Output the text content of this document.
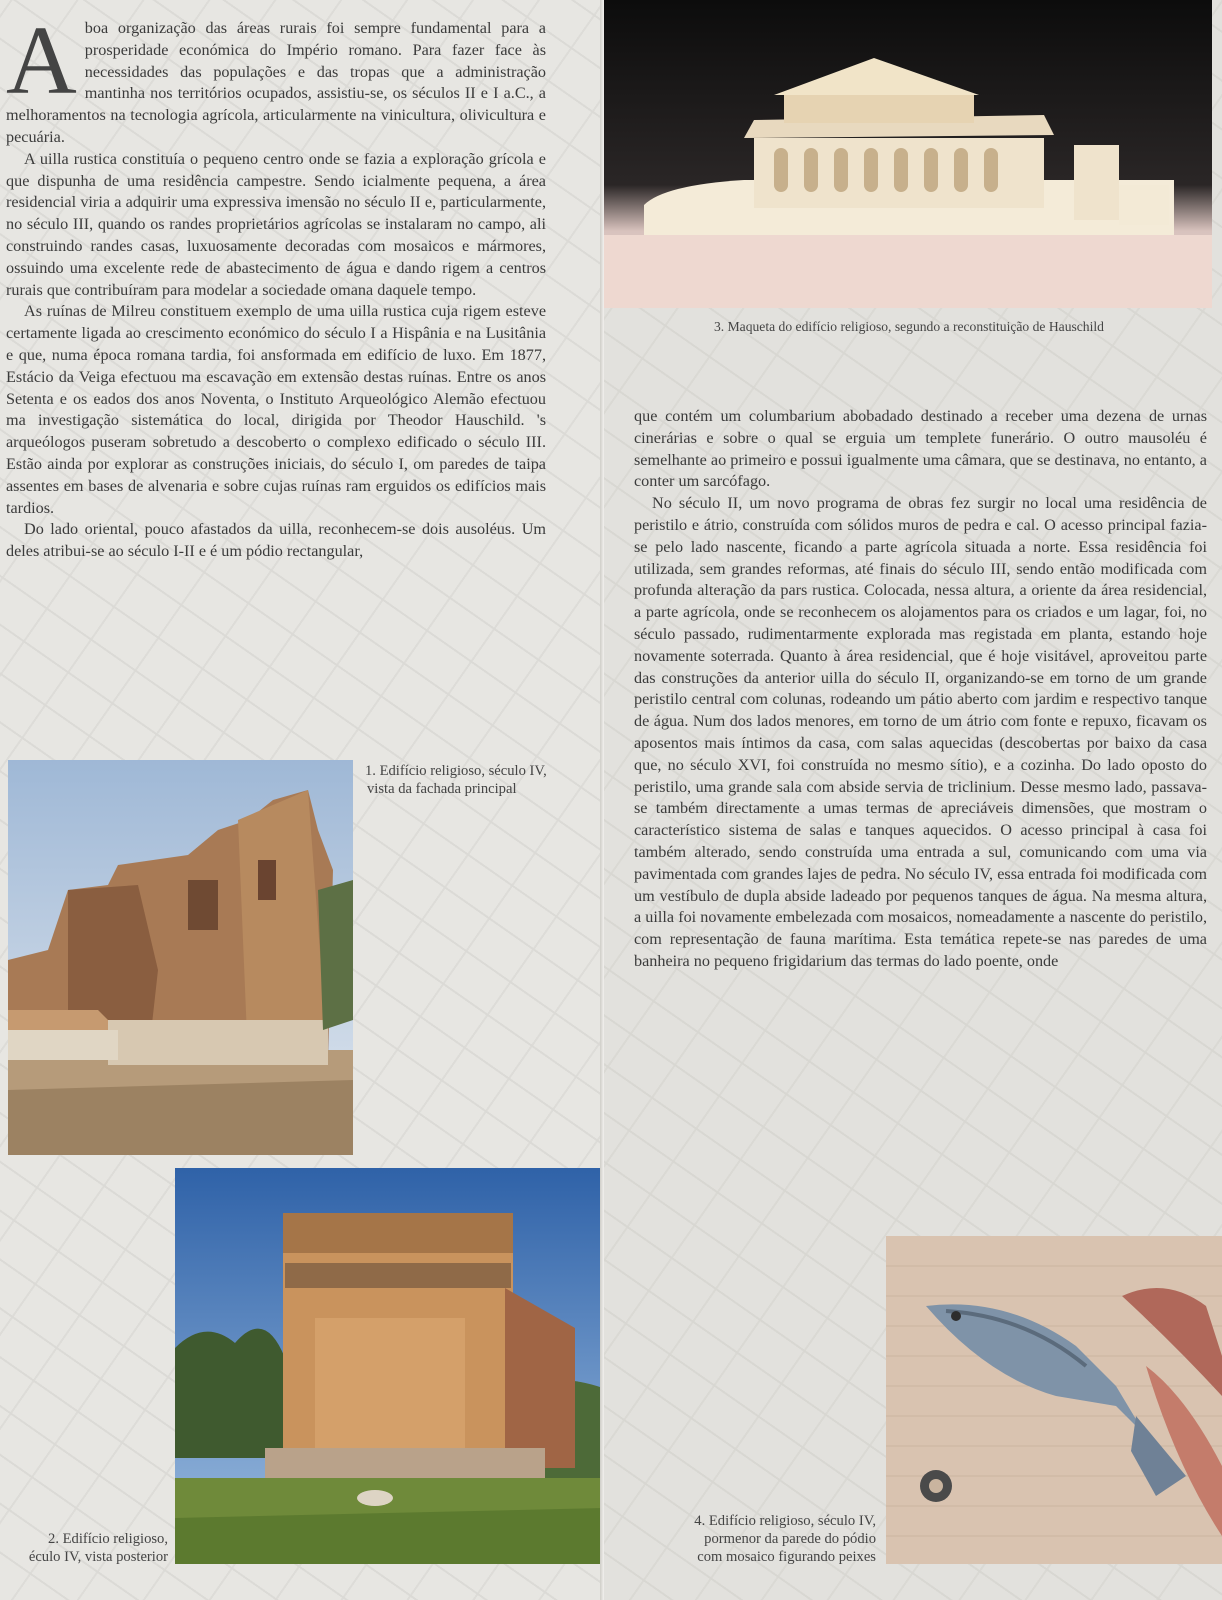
Aboa organização das áreas rurais foi sempre fundamental para a prosperidade económica do Império romano. Para fazer face às necessidades das populações e das tropas que a administração mantinha nos territórios ocupados, assistiu-se, os séculos II e I a.C., a melhoramentos na tecnologia agrícola, articularmente na vinicultura, olivicultura e pecuária.

A uilla rustica constituía o pequeno centro onde se fazia a exploração grícola e que dispunha de uma residência campestre. Sendo icialmente pequena, a área residencial viria a adquirir uma expressiva imensão no século II e, particularmente, no século III, quando os randes proprietários agrícolas se instalaram no campo, ali construindo randes casas, luxuosamente decoradas com mosaicos e mármores, ossuindo uma excelente rede de abastecimento de água e dando rigem a centros rurais que contribuíram para modelar a sociedade omana daquele tempo.

As ruínas de Milreu constituem exemplo de uma uilla rustica cuja rigem esteve certamente ligada ao crescimento económico do século I a Hispânia e na Lusitânia e que, numa época romana tardia, foi ansformada em edifício de luxo. Em 1877, Estácio da Veiga efectuou ma escavação em extensão destas ruínas. Entre os anos Setenta e os eados dos anos Noventa, o Instituto Arqueológico Alemão efectuou ma investigação sistemática do local, dirigida por Theodor Hauschild. 's arqueólogos puseram sobretudo a descoberto o complexo edificado o século III. Estão ainda por explorar as construções iniciais, do século I, om paredes de taipa assentes em bases de alvenaria e sobre cujas ruínas ram erguidos os edifícios mais tardios.

Do lado oriental, pouco afastados da uilla, reconhecem-se dois ausoléus. Um deles atribui-se ao século I-II e é um pódio rectangular,

1. Edifício religioso, século IV,
vista da fachada principal
2. Edifício religioso,
éculo IV, vista posterior
3. Maqueta do edifício religioso, segundo a reconstituição de Hauschild

que contém um columbarium abobadado destinado a receber uma dezena de urnas cinerárias e sobre o qual se erguia um templete funerário. O outro mausoléu é semelhante ao primeiro e possui igualmente uma câmara, que se destinava, no entanto, a conter um sarcófago.

No século II, um novo programa de obras fez surgir no local uma residência de peristilo e átrio, construída com sólidos muros de pedra e cal. O acesso principal fazia-se pelo lado nascente, ficando a parte agrícola situada a norte. Essa residência foi utilizada, sem grandes reformas, até finais do século III, sendo então modificada com profunda alteração da pars rustica. Colocada, nessa altura, a oriente da área residencial, a parte agrícola, onde se reconhecem os alojamentos para os criados e um lagar, foi, no século passado, rudimentarmente explorada mas registada em planta, estando hoje novamente soterrada. Quanto à área residencial, que é hoje visitável, aproveitou parte das construções da anterior uilla do século II, organizando-se em torno de um grande peristilo central com colunas, rodeando um pátio aberto com jardim e respectivo tanque de água. Num dos lados menores, em torno de um átrio com fonte e repuxo, ficavam os aposentos mais íntimos da casa, com salas aquecidas (descobertas por baixo da casa que, no século XVI, foi construída no mesmo sítio), e a cozinha. Do lado oposto do peristilo, uma grande sala com abside servia de triclinium. Desse mesmo lado, passava-se também directamente a umas termas de apreciáveis dimensões, que mostram o característico sistema de salas e tanques aquecidos. O acesso principal à casa foi também alterado, sendo construída uma entrada a sul, comunicando com uma via pavimentada com grandes lajes de pedra. No século IV, essa entrada foi modificada com um vestíbulo de dupla abside ladeado por pequenos tanques de água. Na mesma altura, a uilla foi novamente embelezada com mosaicos, nomeadamente a nascente do peristilo, com representação de fauna marítima. Esta temática repete-se nas paredes de uma banheira no pequeno frigidarium das termas do lado poente, onde

4. Edifício religioso, século IV,
pormenor da parede do pódio
com mosaico figurando peixes
